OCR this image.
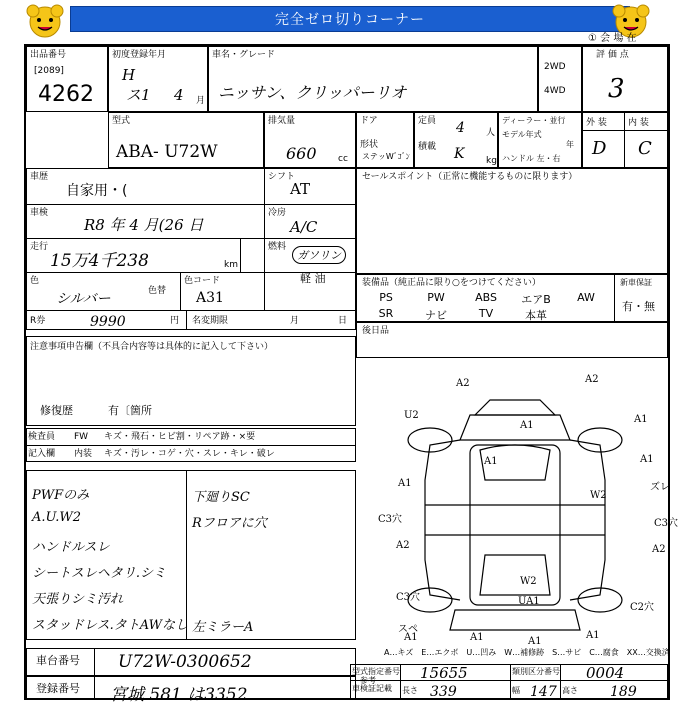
完全ゼロ切りコーナー
① 会 場 在
出品番号
[2089]
4262
初度登録年月
H
ス1 4 月
車名・グレード
ニッサン、クリッパーリオ
2WD
4WD
評 価 点
3
型式
ABA- U72W
排気量
660 cc
ドア
形状
ステッWﾞｺﾞﾝ
定員 4 人
積載 K kg
ディーラー・並行
モデル年式
年
ハンドル 左・右
外 装 内 装
D C
車歴
自家用・(
シフト
AT
車検
R8 年 4 月(26 日
冷房
A/C
走行
15万4千238	km
燃料
ガソリン
軽 油
色
シルバー	色替
色コード
A31
R券	9990	円 名変期限	月	日
セールスポイント（正常に機能するものに限ります）
装備品（純正品に限り○をつけてください）	新車保証
有・無
PS	PW	ABS	エアB	AW
SR	ナビ	TV	本革
後日品
注意事項申告欄（不具合内容等は具体的に記入して下さい）
修復歴	有〔箇所
検査員
記入欄
FW キズ・飛石・ヒビ割・リペア跡・×要
内装 キズ・汚レ・コゲ・穴・スレ・キレ・破レ
PWFのみ
A.U.W2
ハンドルスレ
シートスレヘタリ.シミ
天張りシミ汚れ
スタッドレス.タトAWなし
下廻りSC
Rフロアに穴
左ミラーA
A2	A2
U2
A1
A1
A1	ズレ
A1	A1
W2
C3穴	C3穴
A2	A2
W2
UA1
C3穴
C2穴
A1	A1
A1
A1
スペ
A…キズ　E…エクボ　U…凹み　W…補修跡　S…サビ　C…腐食　XX…交換済
車台番号 U72W-0300652
登録番号 宮城 581 は3352
型式指定番号 15655	類別区分番号 0004
参考
車検証記載 長さ 339	幅 147 高さ 189
